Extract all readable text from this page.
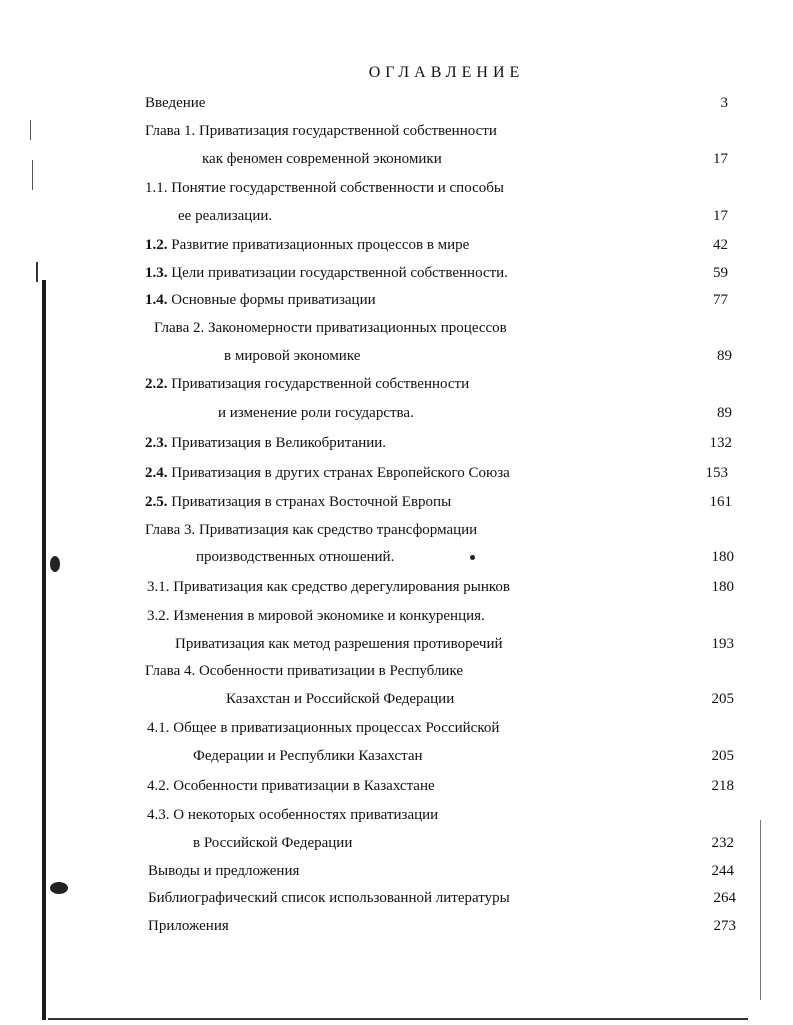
ОГЛАВЛЕНИЕ
Введение	3
Глава 1. Приватизация государственной собственности
как феномен современной экономики	17
1.1. Понятие государственной собственности и способы
ее реализации.	17
1.2. Развитие приватизационных процессов в мире	42
1.3. Цели приватизации государственной собственности.	59
1.4. Основные формы приватизации	77
Глава 2. Закономерности приватизационных процессов
в мировой экономике	89
2.2. Приватизация государственной собственности
и изменение роли государства.	89
2.3. Приватизация в Великобритании.	132
2.4. Приватизация в других странах Европейского Союза	153
2.5. Приватизация в странах Восточной Европы	161
Глава 3. Приватизация как средство трансформации
производственных отношений.	180
3.1. Приватизация как средство дерегулирования рынков	180
3.2. Изменения в мировой экономике и конкуренция.
Приватизация как метод разрешения противоречий	193
Глава 4. Особенности приватизации в Республике
Казахстан и Российской Федерации	205
4.1. Общее в приватизационных процессах Российской
Федерации и Республики Казахстан	205
4.2. Особенности приватизации в Казахстане	218
4.3. О некоторых особенностях приватизации
в Российской Федерации	232
Выводы и предложения	244
Библиографический список использованной литературы	264
Приложения	273
